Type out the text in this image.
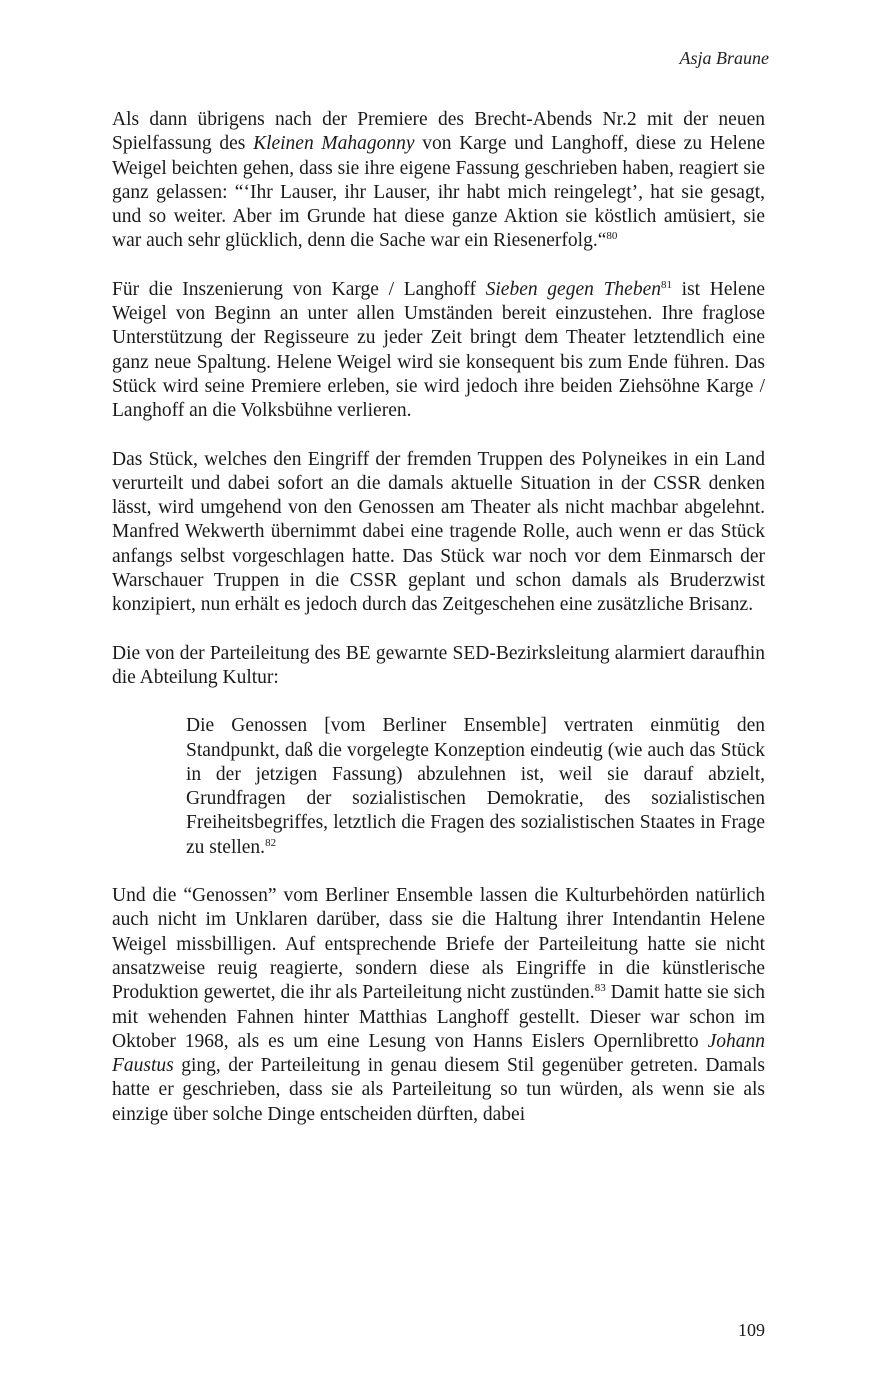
Asja Braune

Als dann übrigens nach der Premiere des Brecht-Abends Nr.2 mit der neuen Spielfassung des Kleinen Mahagonny von Karge und Langhoff, diese zu Helene Weigel beichten gehen, dass sie ihre eigene Fassung geschrieben haben, reagiert sie ganz gelassen: “‘Ihr Lauser, ihr Lauser, ihr habt mich reingelegt’, hat sie gesagt, und so weiter. Aber im Grunde hat diese ganze Aktion sie köstlich amüsiert, sie war auch sehr glücklich, denn die Sache war ein Riesenerfolg.“$^{80}$

Für die Inszenierung von Karge / Langhoff Sieben gegen Theben$^{81}$ ist Helene Weigel von Beginn an unter allen Umständen bereit einzustehen. Ihre fraglose Unterstützung der Regisseure zu jeder Zeit bringt dem Theater letztendlich eine ganz neue Spaltung. Helene Weigel wird sie konsequent bis zum Ende führen. Das Stück wird seine Premiere erleben, sie wird jedoch ihre beiden Ziehsöhne Karge / Langhoff an die Volksbühne verlieren.

Das Stück, welches den Eingriff der fremden Truppen des Polyneikes in ein Land verurteilt und dabei sofort an die damals aktuelle Situation in der CSSR denken lässt, wird umgehend von den Genossen am Theater als nicht machbar abgelehnt. Manfred Wekwerth übernimmt dabei eine tragende Rolle, auch wenn er das Stück anfangs selbst vorgeschlagen hatte. Das Stück war noch vor dem Einmarsch der Warschauer Truppen in die CSSR geplant und schon damals als Bruderzwist konzipiert, nun erhält es jedoch durch das Zeitgeschehen eine zusätzliche Brisanz.

Die von der Parteileitung des BE gewarnte SED-Bezirksleitung alarmiert daraufhin die Abteilung Kultur:

Die Genossen [vom Berliner Ensemble] vertraten einmütig den Standpunkt, daß die vorgelegte Konzeption eindeutig (wie auch das Stück in der jetzigen Fassung) abzulehnen ist, weil sie darauf abzielt, Grundfragen der sozialistischen Demokratie, des sozialistischen Freiheitsbegriffes, letztlich die Fragen des sozialistischen Staates in Frage zu stellen.$^{82}$

Und die “Genossen” vom Berliner Ensemble lassen die Kulturbehörden natürlich auch nicht im Unklaren darüber, dass sie die Haltung ihrer Intendantin Helene Weigel missbilligen. Auf entsprechende Briefe der Parteileitung hatte sie nicht ansatzweise reuig reagierte, sondern diese als Eingriffe in die künstlerische Produktion gewertet, die ihr als Parteileitung nicht zustünden.$^{83}$ Damit hatte sie sich mit wehenden Fahnen hinter Matthias Langhoff gestellt. Dieser war schon im Oktober 1968, als es um eine Lesung von Hanns Eislers Opernlibretto Johann Faustus ging, der Parteileitung in genau diesem Stil gegenüber getreten. Damals hatte er geschrieben, dass sie als Parteileitung so tun würden, als wenn sie als einzige über solche Dinge entscheiden dürften, dabei

109
